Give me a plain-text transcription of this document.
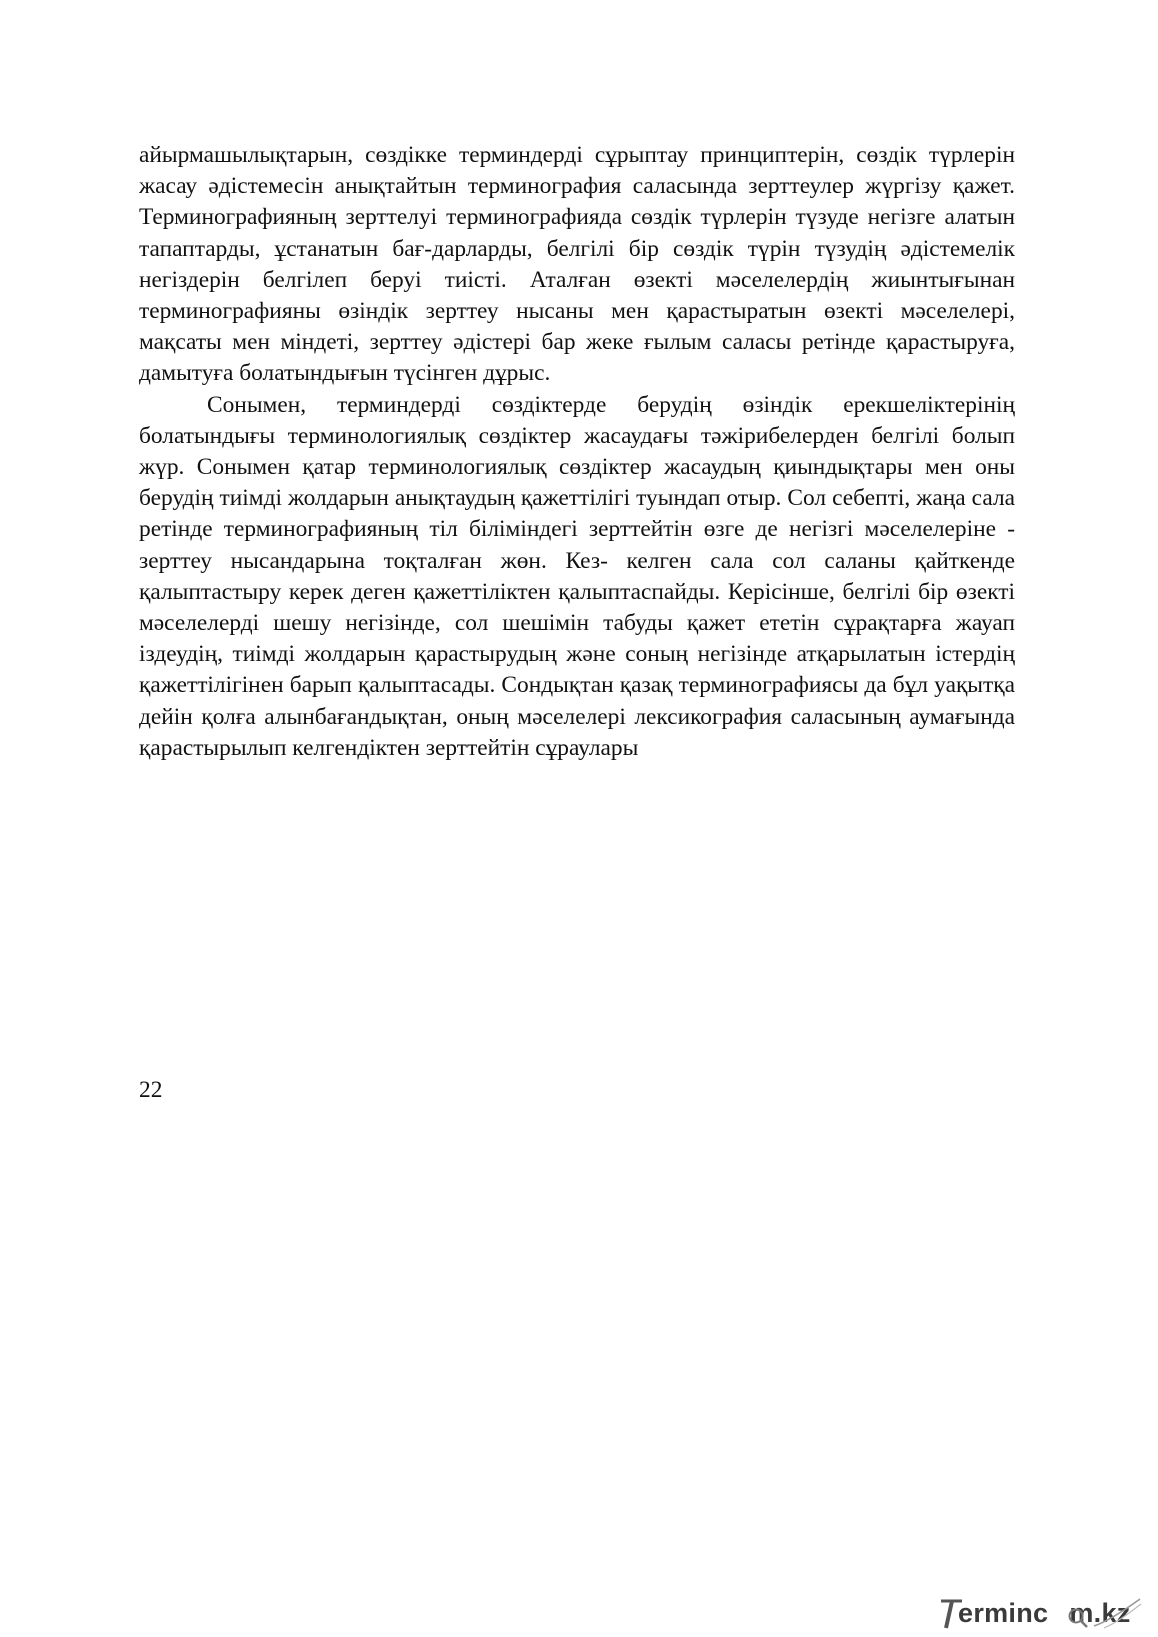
айырмашылықтарын, сөздікке терминдерді сұрыптау принциптерін, сөздік түрлерін жасау әдістемесін анықтайтын терминография саласында зерттеулер жүргізу қажет. Терминографияның зерттелуі терминографияда сөздік түрлерін түзуде негізге алатын тапаптарды, ұстанатын бағ-дарларды, белгілі бір сөздік түрін түзудің әдістемелік негіздерін белгілеп беруі тиісті. Аталған өзекті мәселелердің жиынтығынан терминографияны өзіндік зерттеу нысаны мен қарастыратын өзекті мәселелері, мақсаты мен міндеті, зерттеу әдістері бар жеке ғылым саласы ретінде қарастыруға, дамытуға болатындығын түсінген дұрыс.

Сонымен, терминдерді сөздіктерде берудің өзіндік ерекшеліктерінің болатындығы терминологиялық сөздіктер жасаудағы тәжірибелерден белгілі болып жүр. Сонымен қатар терминологиялық сөздіктер жасаудың қиындықтары мен оны берудің тиімді жолдарын анықтаудың қажеттілігі туындап отыр. Сол себепті, жаңа сала ретінде терминографияның тіл біліміндегі зерттейтін өзге де негізгі мәселелеріне - зерттеу нысандарына тоқталған жөн. Кез- келген сала сол саланы қайткенде қалыптастыру керек деген қажеттіліктен қалыптаспайды. Керісінше, белгілі бір өзекті мәселелерді шешу негізінде, сол шешімін табуды қажет ететін сұрақтарға жауап іздеудің, тиімді жолдарын қарастырудың және соның негізінде атқарылатын істердің қажеттілігінен барып қалыптасады. Сондықтан қазақ терминографиясы да бұл уақытқа дейін қолға алынбағандықтан, оның мәселелері лексикография саласының аумағында қарастырылып келгендіктен зерттейтін сұраулары

22
erminc m.kz
